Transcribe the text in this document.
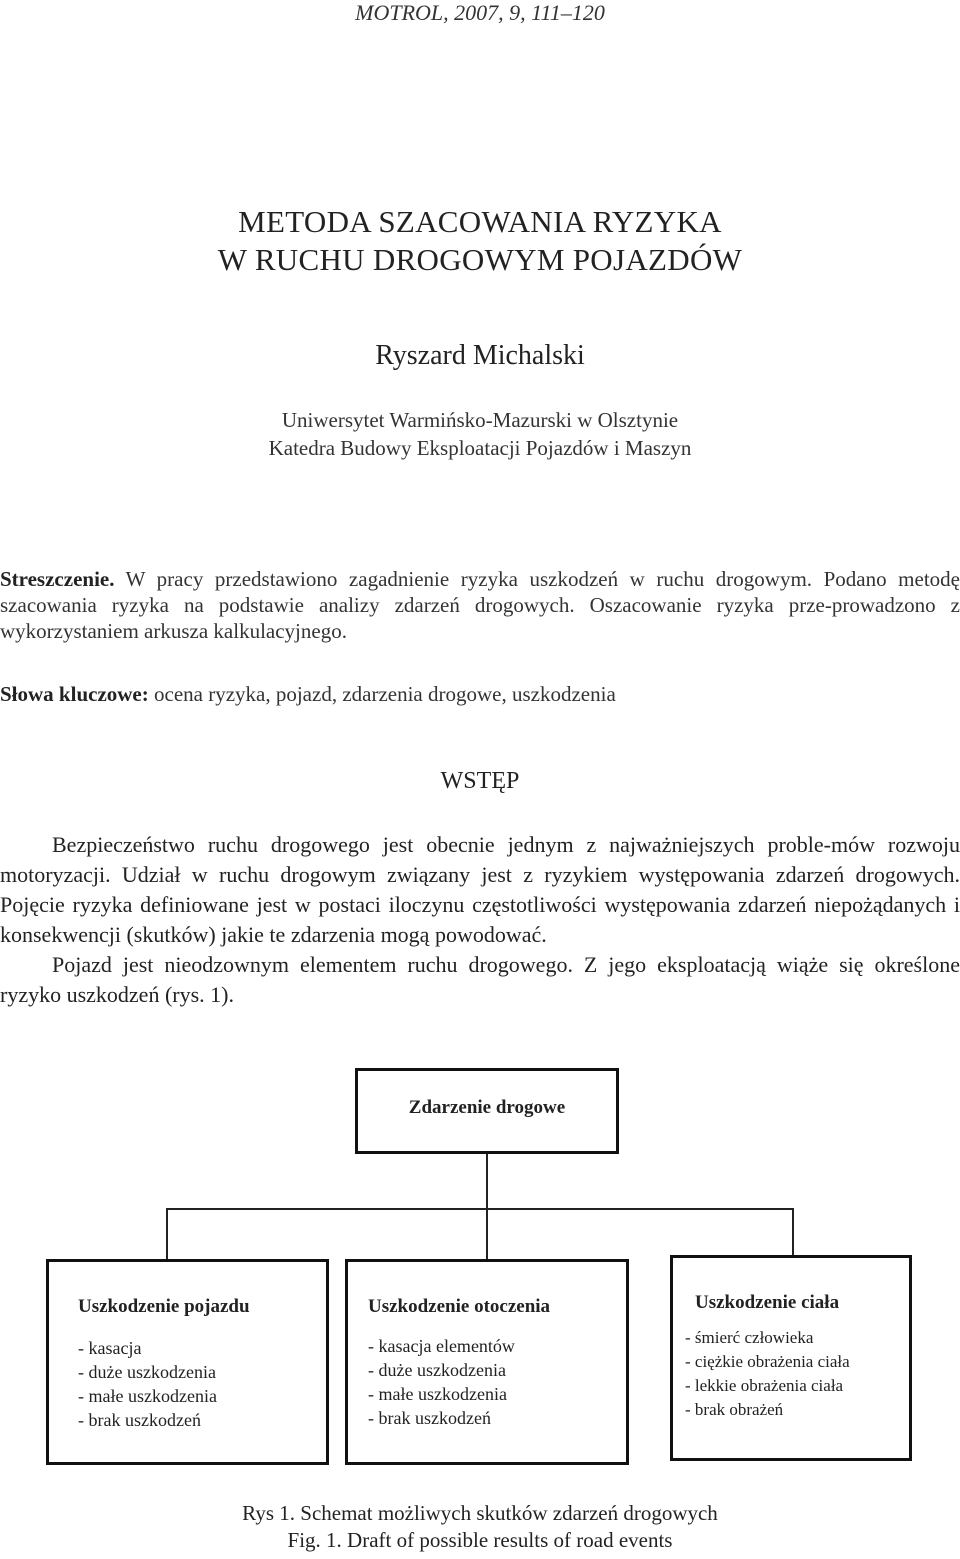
MOTROL, 2007, 9, 111–120
METODA SZACOWANIA RYZYKA
W RUCHU DROGOWYM POJAZDÓW
Ryszard Michalski
Uniwersytet Warmińsko-Mazurski w Olsztynie
Katedra Budowy Eksploatacji Pojazdów i Maszyn
Streszczenie. W pracy przedstawiono zagadnienie ryzyka uszkodzeń w ruchu drogowym. Podano metodę szacowania ryzyka na podstawie analizy zdarzeń drogowych. Oszacowanie ryzyka prze-prowadzono z wykorzystaniem arkusza kalkulacyjnego.
Słowa kluczowe: ocena ryzyka, pojazd, zdarzenia drogowe, uszkodzenia
WSTĘP

Bezpieczeństwo ruchu drogowego jest obecnie jednym z najważniejszych proble-mów rozwoju motoryzacji. Udział w ruchu drogowym związany jest z ryzykiem występowania zdarzeń drogowych. Pojęcie ryzyka definiowane jest w postaci iloczynu częstotliwości występowania zdarzeń niepożądanych i konsekwencji (skutków) jakie te zdarzenia mogą powodować.

Pojazd jest nieodzownym elementem ruchu drogowego. Z jego eksploatacją wiąże się określone ryzyko uszkodzeń (rys. 1).

Zdarzenie drogowe
Uszkodzenie pojazdu
- kasacja
- duże uszkodzenia
- małe uszkodzenia
- brak uszkodzeń
Uszkodzenie otoczenia
- kasacja elementów
- duże uszkodzenia
- małe uszkodzenia
- brak uszkodzeń
Uszkodzenie ciała
- śmierć człowieka
- ciężkie obrażenia ciała
- lekkie obrażenia ciała
- brak obrażeń
Rys 1. Schemat możliwych skutków zdarzeń drogowych
Fig. 1. Draft of possible results of road events
